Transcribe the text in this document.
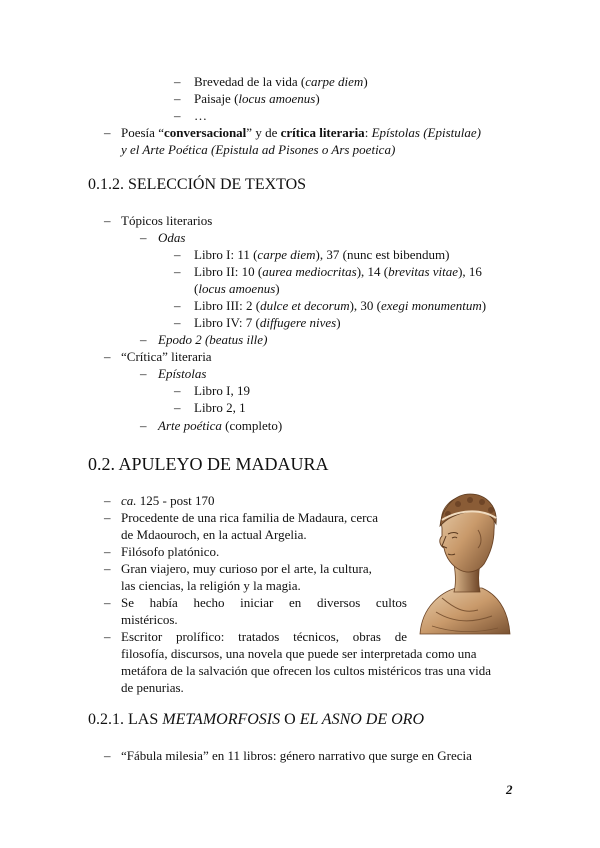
– Brevedad de la vida (carpe diem)
– Paisaje (locus amoenus)
– …
– Poesía “conversacional” y de crítica literaria: Epístolas (Epistulae)
y el Arte Poética (Epistula ad Pisones o Ars poetica)
0.1.2. SELECCIÓN DE TEXTOS
– Tópicos literarios
– Odas
– Libro I: 11 (carpe diem), 37 (nunc est bibendum)
– Libro II: 10 (aurea mediocritas), 14 (brevitas vitae), 16
(locus amoenus)
– Libro III: 2 (dulce et decorum), 30 (exegi monumentum)
– Libro IV: 7 (diffugere nives)
– Epodo 2 (beatus ille)
– “Crítica” literaria
– Epístolas
– Libro I, 19
– Libro 2, 1
– Arte poética (completo)
0.2. APULEYO DE MADAURA
– ca. 125 - post 170
– Procedente de una rica familia de Madaura, cerca
de Mdaouroch, en la actual Argelia.
– Filósofo platónico.
– Gran viajero, muy curioso por el arte, la cultura,
las ciencias, la religión y la magia.
– Se había hecho iniciar en diversos cultos
mistéricos.
– Escritor prolífico: tratados técnicos, obras de
filosofía, discursos, una novela que puede ser interpretada como una
metáfora de la salvación que ofrecen los cultos mistéricos tras una vida
de penurias.
0.2.1. LAS METAMORFOSIS O EL ASNO DE ORO
– “Fábula milesia” en 11 libros: género narrativo que surge en Grecia
2
